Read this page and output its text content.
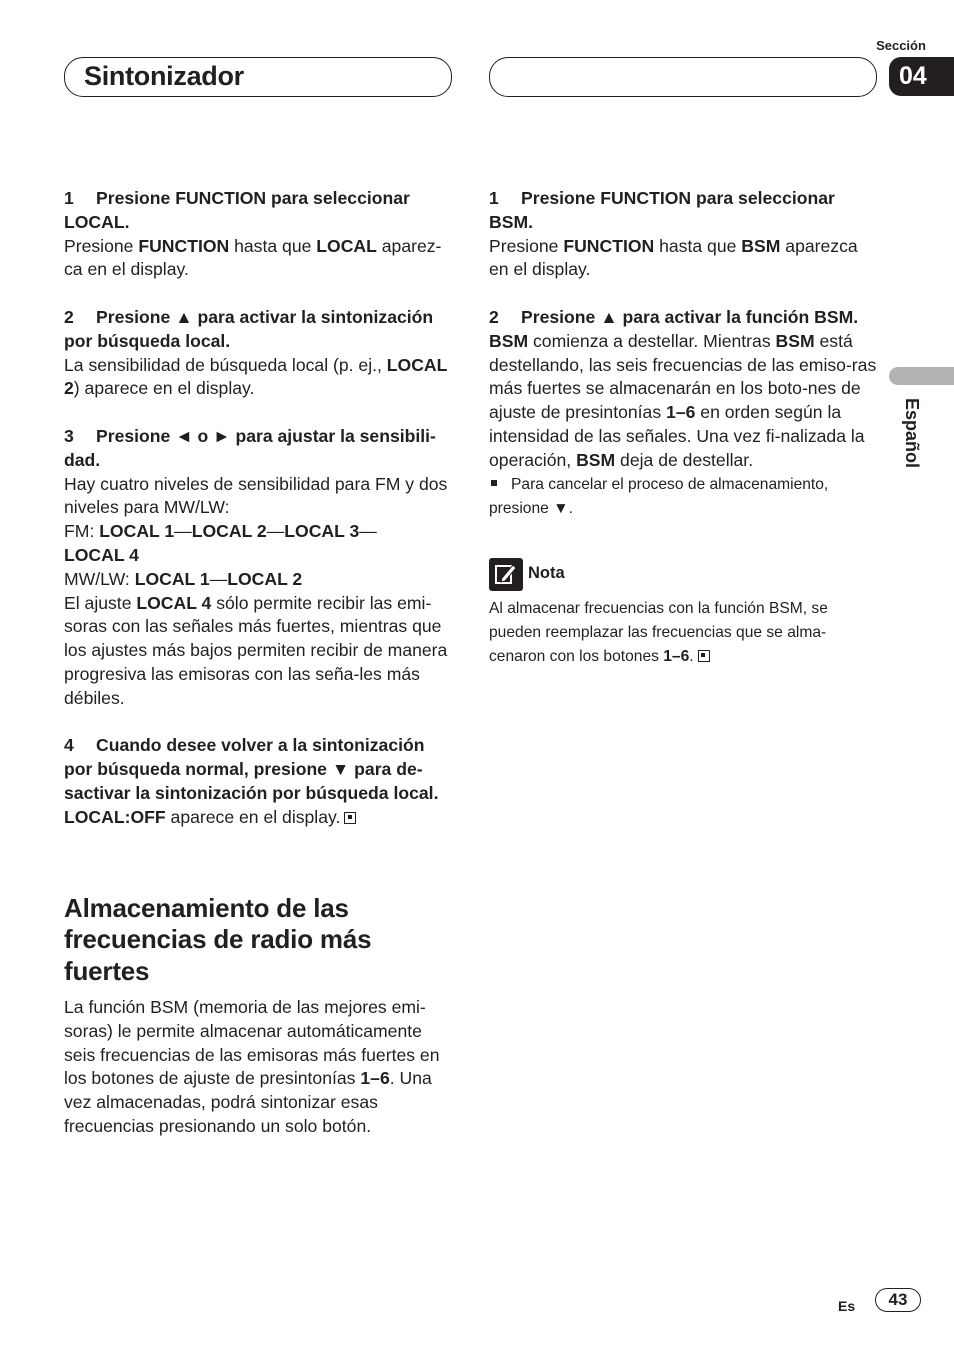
Sintonizador
Sección
04
Español

1 Presione FUNCTION para seleccionar LOCAL.

Presione FUNCTION hasta que LOCAL aparez-ca en el display.

2 Presione ▲ para activar la sintonización por búsqueda local.

La sensibilidad de búsqueda local (p. ej., LOCAL 2) aparece en el display.

3 Presione ◄ o ► para ajustar la sensibili-dad.

Hay cuatro niveles de sensibilidad para FM y dos niveles para MW/LW:

FM: LOCAL 1—LOCAL 2—LOCAL 3—
LOCAL 4

MW/LW: LOCAL 1—LOCAL 2

El ajuste LOCAL 4 sólo permite recibir las emi-soras con las señales más fuertes, mientras que los ajustes más bajos permiten recibir de manera progresiva las emisoras con las seña-les más débiles.

4 Cuando desee volver a la sintonización por búsqueda normal, presione ▼ para de-sactivar la sintonización por búsqueda local.

LOCAL:OFF aparece en el display.

Almacenamiento de las frecuencias de radio más fuertes

La función BSM (memoria de las mejores emi-soras) le permite almacenar automáticamente seis frecuencias de las emisoras más fuertes en los botones de ajuste de presintonías 1–6. Una vez almacenadas, podrá sintonizar esas frecuencias presionando un solo botón.

1 Presione FUNCTION para seleccionar BSM.

Presione FUNCTION hasta que BSM aparezca en el display.

2 Presione ▲ para activar la función BSM.

BSM comienza a destellar. Mientras BSM está destellando, las seis frecuencias de las emiso-ras más fuertes se almacenarán en los boto-nes de ajuste de presintonías 1–6 en orden según la intensidad de las señales. Una vez fi-nalizada la operación, BSM deja de destellar.

Para cancelar el proceso de almacenamiento, presione ▼.

Nota

Al almacenar frecuencias con la función BSM, se pueden reemplazar las frecuencias que se alma-cenaron con los botones 1–6.

Es	43
